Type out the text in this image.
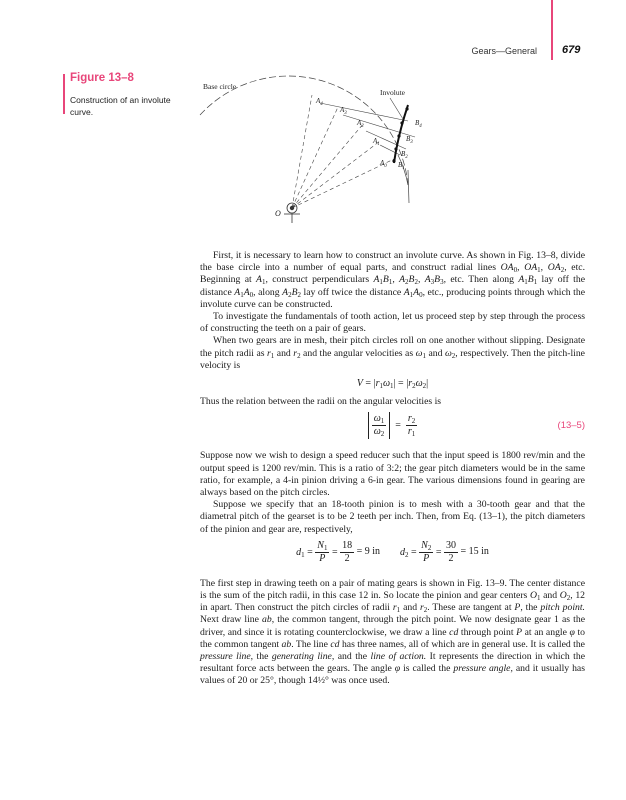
Gears—General 679
Figure 13–8
Construction of an involute curve.
Base circle
Involute
O
$A_4$
$A_3$
$A_2$
$A_1$
$A_0$ $B_1$
$B_2$
$B_3$
$B_4$

First, it is necessary to learn how to construct an involute curve. As shown in Fig. 13–8, divide the base circle into a number of equal parts, and construct radial lines $OA_0$, $OA_1$, $OA_2$, etc. Beginning at $A_1$, construct perpendiculars $A_1B_1$, $A_2B_2$, $A_3B_3$, etc. Then along $A_1B_1$ lay off the distance $A_1A_0$, along $A_2B_2$ lay off twice the distance $A_1A_0$, etc., producing points through which the involute curve can be constructed.

To investigate the fundamentals of tooth action, let us proceed step by step through the process of constructing the teeth on a pair of gears.

When two gears are in mesh, their pitch circles roll on one another without slipping. Designate the pitch radii as $r_1$ and $r_2$ and the angular velocities as $\omega_1$ and $\omega_2$, respectively. Then the pitch-line velocity is

$V = |r_1\omega_1| = |r_2\omega_2|$

Thus the relation between the radii on the angular velocities is

$\frac{\omega_1}{\omega_2} = \frac{r_2}{r_1}$	(13–5)

Suppose now we wish to design a speed reducer such that the input speed is 1800 rev/min and the output speed is 1200 rev/min. This is a ratio of 3:2; the gear pitch diameters would be in the same ratio, for example, a 4-in pinion driving a 6-in gear. The various dimensions found in gearing are always based on the pitch circles.

Suppose we specify that an 18-tooth pinion is to mesh with a 30-tooth gear and that the diametral pitch of the gearset is to be 2 teeth per inch. Then, from Eq. (13–1), the pitch diameters of the pinion and gear are, respectively,

$d_1 = \frac{N_1}{P} = \frac{18}{2} = 9$ in $d_2 = \frac{N_2}{P} = \frac{30}{2} = 15$ in

The first step in drawing teeth on a pair of mating gears is shown in Fig. 13–9. The center distance is the sum of the pitch radii, in this case 12 in. So locate the pinion and gear centers $O_1$ and $O_2$, 12 in apart. Then construct the pitch circles of radii $r_1$ and $r_2$. These are tangent at P, the pitch point. Next draw line ab, the common tangent, through the pitch point. We now designate gear 1 as the driver, and since it is rotating counterclockwise, we draw a line cd through point P at an angle φ to the common tangent ab. The line cd has three names, all of which are in general use. It is called the pressure line, the generating line, and the line of action. It represents the direction in which the resultant force acts between the gears. The angle φ is called the pressure angle, and it usually has values of 20 or 25°, though 14½° was once used.
